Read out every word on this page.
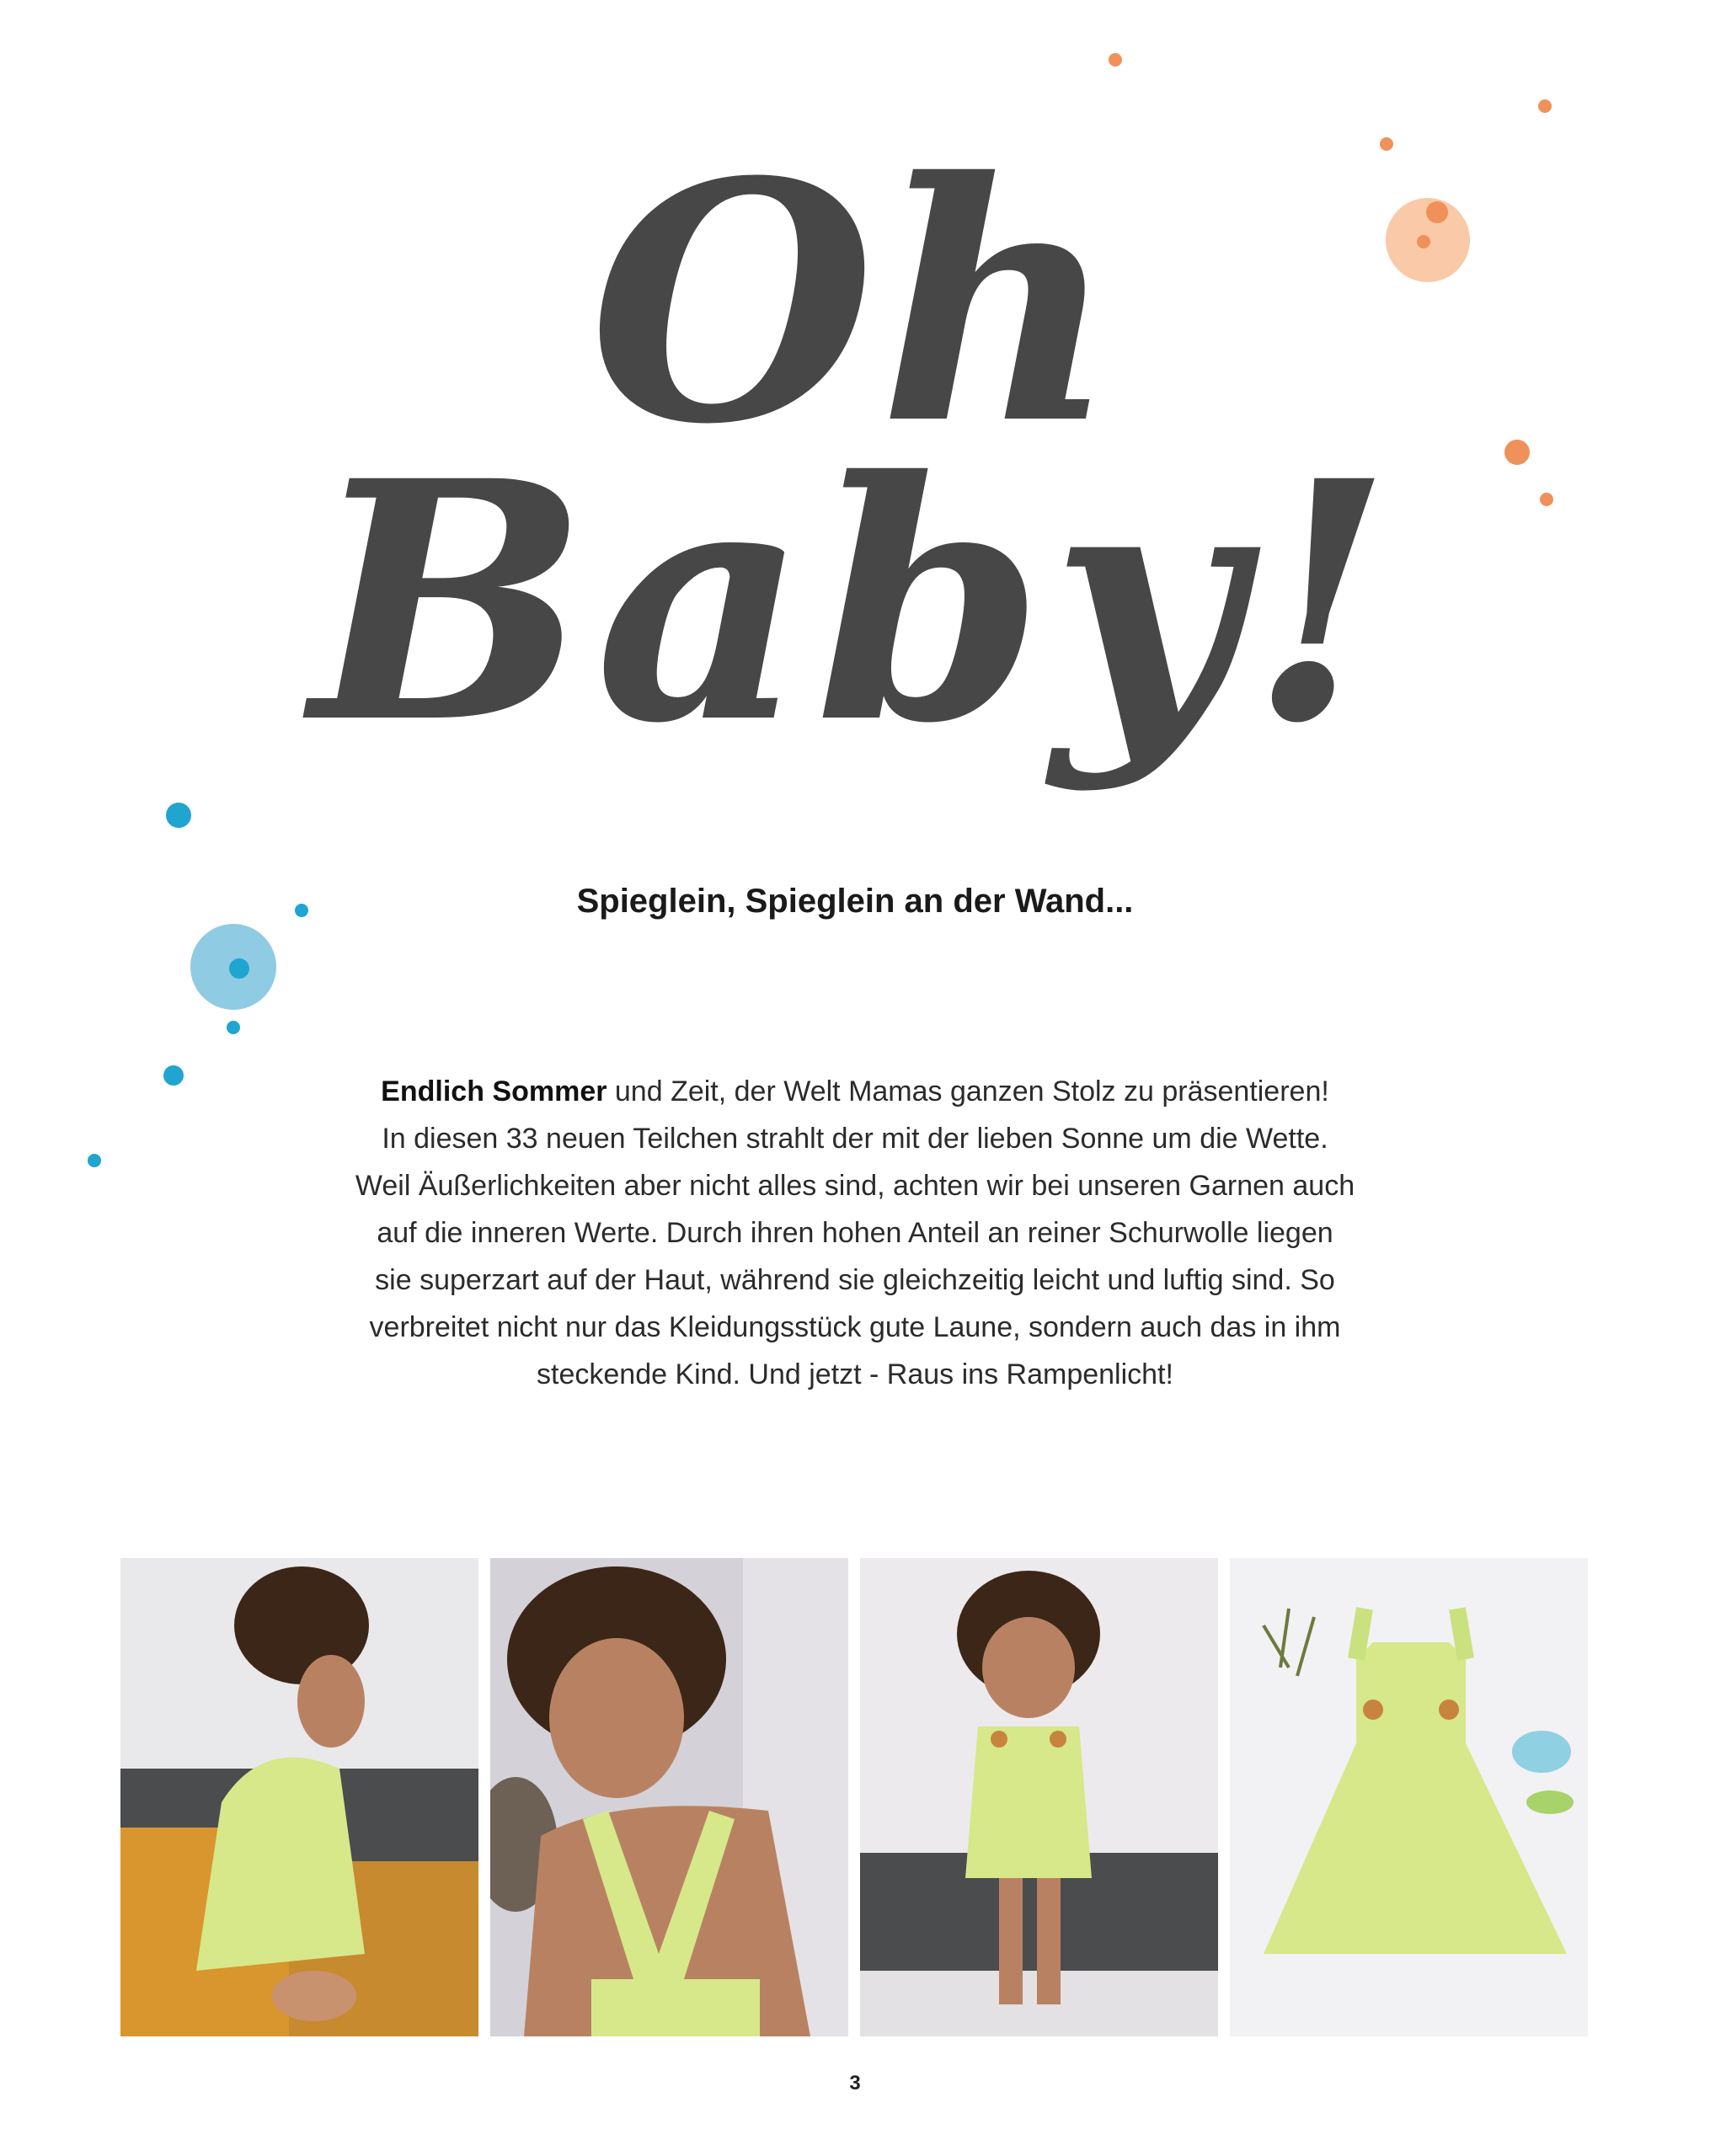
Oh
Baby!
Spieglein, Spieglein an der Wand...

Endlich Sommer und Zeit, der Welt Mamas ganzen Stolz zu präsentieren!
In diesen 33 neuen Teilchen strahlt der mit der lieben Sonne um die Wette.
Weil Äußerlichkeiten aber nicht alles sind, achten wir bei unseren Garnen auch
auf die inneren Werte. Durch ihren hohen Anteil an reiner Schurwolle liegen
sie superzart auf der Haut, während sie gleichzeitig leicht und luftig sind. So
verbreitet nicht nur das Kleidungsstück gute Laune, sondern auch das in ihm
steckende Kind. Und jetzt - Raus ins Rampenlicht!

3
